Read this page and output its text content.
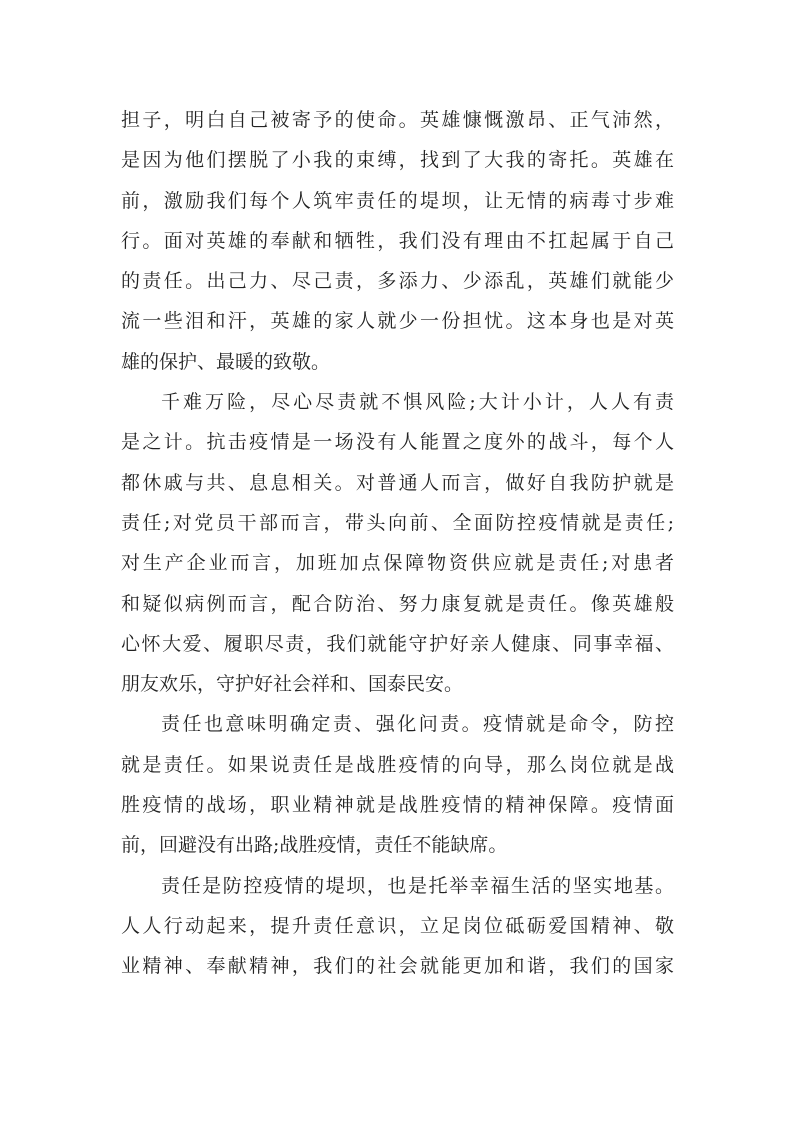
担子，明白自己被寄予的使命。英雄慷慨激昂、正气沛然，
是因为他们摆脱了小我的束缚，找到了大我的寄托。英雄在
前，激励我们每个人筑牢责任的堤坝，让无情的病毒寸步难
行。面对英雄的奉献和牺牲，我们没有理由不扛起属于自己
的责任。出己力、尽己责，多添力、少添乱，英雄们就能少
流一些泪和汗，英雄的家人就少一份担忧。这本身也是对英
雄的保护、最暖的致敬。
千难万险，尽心尽责就不惧风险;大计小计，人人有责
是之计。抗击疫情是一场没有人能置之度外的战斗，每个人
都休戚与共、息息相关。对普通人而言，做好自我防护就是
责任;对党员干部而言，带头向前、全面防控疫情就是责任;
对生产企业而言，加班加点保障物资供应就是责任;对患者
和疑似病例而言，配合防治、努力康复就是责任。像英雄般
心怀大爱、履职尽责，我们就能守护好亲人健康、同事幸福、
朋友欢乐，守护好社会祥和、国泰民安。
责任也意味明确定责、强化问责。疫情就是命令，防控
就是责任。如果说责任是战胜疫情的向导，那么岗位就是战
胜疫情的战场，职业精神就是战胜疫情的精神保障。疫情面
前，回避没有出路;战胜疫情，责任不能缺席。
责任是防控疫情的堤坝，也是托举幸福生活的坚实地基。
人人行动起来，提升责任意识，立足岗位砥砺爱国精神、敬
业精神、奉献精神，我们的社会就能更加和谐，我们的国家
